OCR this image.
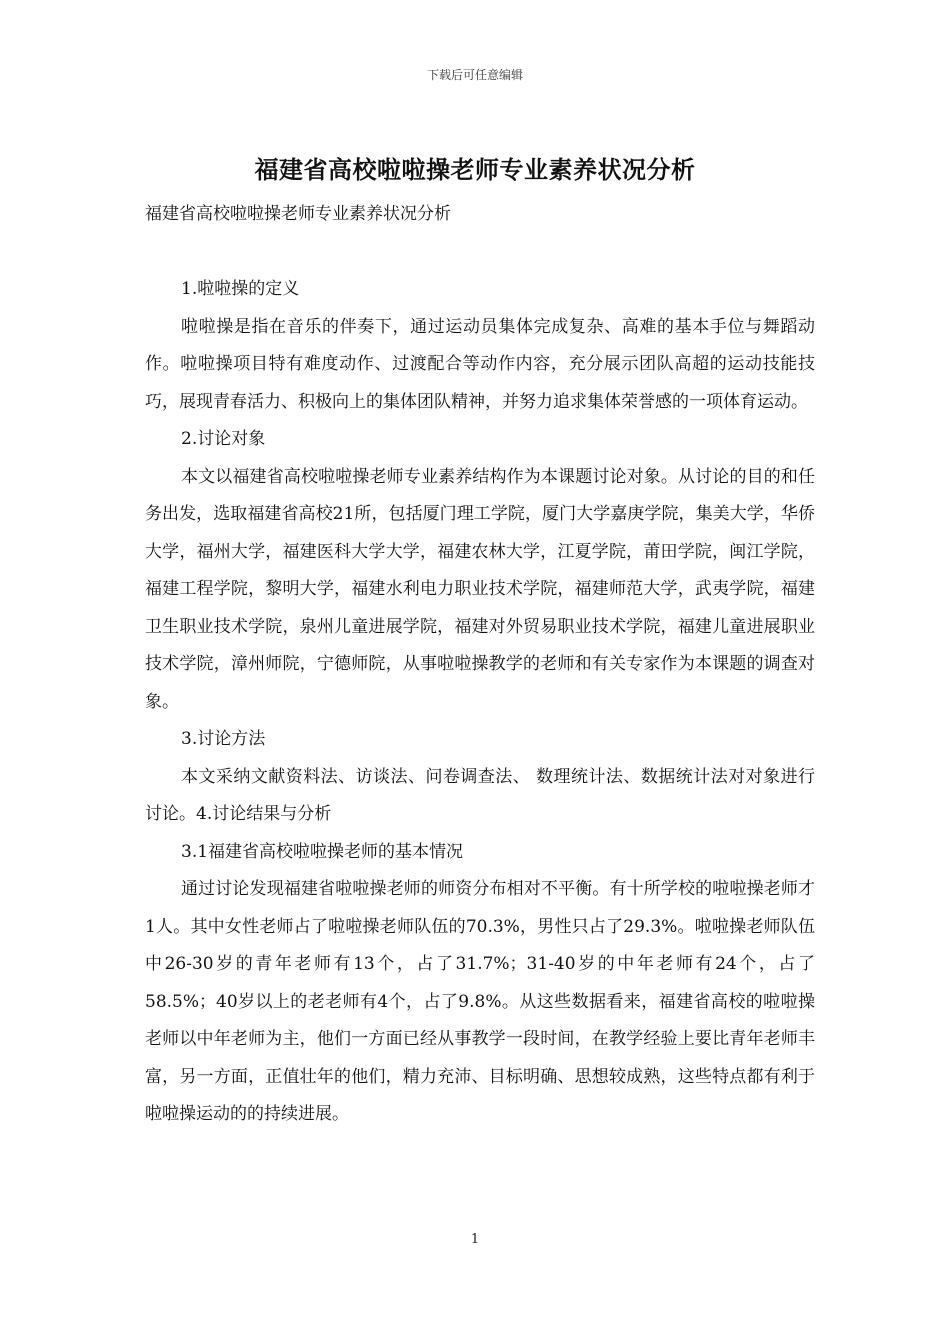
下载后可任意编辑
福建省高校啦啦操老师专业素养状况分析

福建省高校啦啦操老师专业素养状况分析

1.啦啦操的定义

啦啦操是指在音乐的伴奏下，通过运动员集体完成复杂、高难的基本手位与舞蹈动作。啦啦操项目特有难度动作、过渡配合等动作内容，充分展示团队高超的运动技能技巧，展现青春活力、积极向上的集体团队精神，并努力追求集体荣誉感的一项体育运动。

2.讨论对象

本文以福建省高校啦啦操老师专业素养结构作为本课题讨论对象。从讨论的目的和任务出发，选取福建省高校21所，包括厦门理工学院，厦门大学嘉庚学院，集美大学，华侨大学，福州大学，福建医科大学大学，福建农林大学，江夏学院，莆田学院，闽江学院，福建工程学院，黎明大学，福建水利电力职业技术学院，福建师范大学，武夷学院，福建卫生职业技术学院，泉州儿童进展学院，福建对外贸易职业技术学院，福建儿童进展职业技术学院，漳州师院，宁德师院，从事啦啦操教学的老师和有关专家作为本课题的调查对象。

3.讨论方法

本文采纳文献资料法、访谈法、问卷调查法、 数理统计法、数据统计法对对象进行讨论。4.讨论结果与分析

3.1福建省高校啦啦操老师的基本情况

通过讨论发现福建省啦啦操老师的师资分布相对不平衡。有十所学校的啦啦操老师才1人。其中女性老师占了啦啦操老师队伍的70.3%，男性只占了29.3%。啦啦操老师队伍中26-30岁的青年老师有13个，占了31.7%；31-40岁的中年老师有24个，占了58.5%；40岁以上的老老师有4个，占了9.8%。从这些数据看来，福建省高校的啦啦操老师以中年老师为主，他们一方面已经从事教学一段时间，在教学经验上要比青年老师丰富，另一方面，正值壮年的他们，精力充沛、目标明确、思想较成熟，这些特点都有利于啦啦操运动的的持续进展。

1
